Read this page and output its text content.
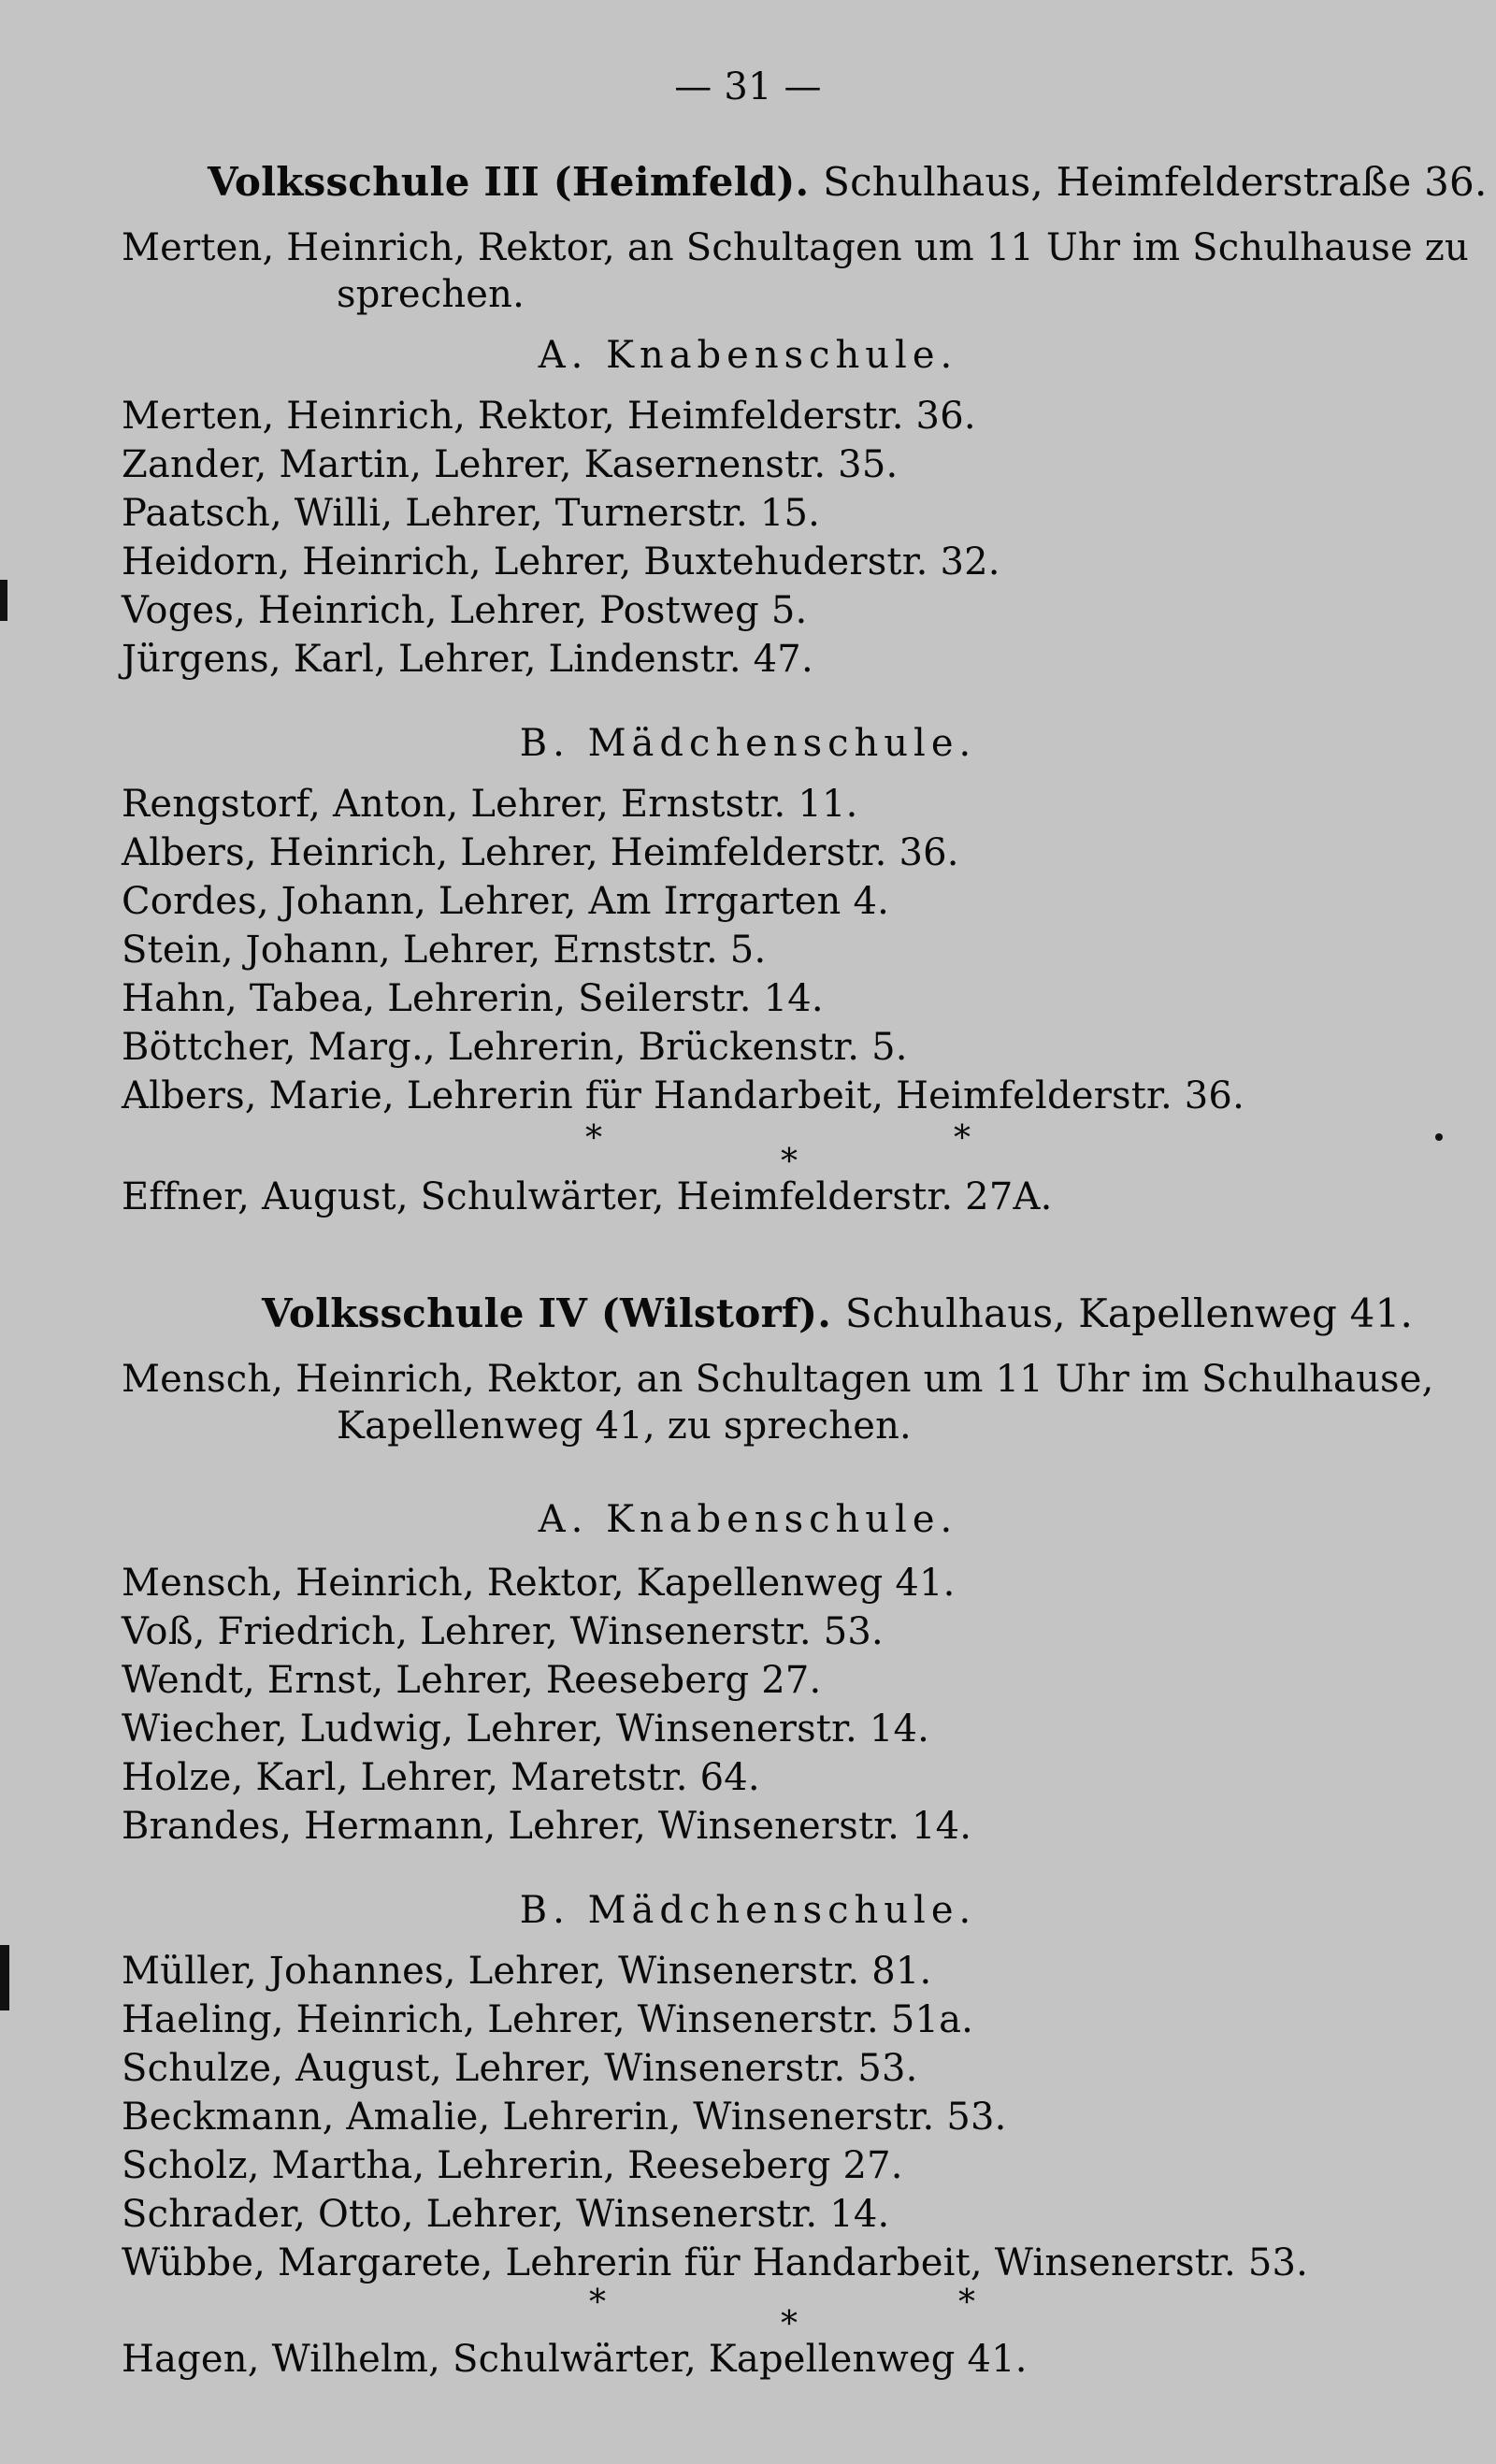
— 31 —
Volksschule III (Heimfeld). Schulhaus, Heimfelderstraße 36.
Merten, Heinrich, Rektor, an Schultagen um 11 Uhr im Schulhause zu
sprechen.
A. Knabenschule.
Merten, Heinrich, Rektor, Heimfelderstr. 36.
Zander, Martin, Lehrer, Kasernenstr. 35.
Paatsch, Willi, Lehrer, Turnerstr. 15.
Heidorn, Heinrich, Lehrer, Buxtehuderstr. 32.
Voges, Heinrich, Lehrer, Postweg 5.
Jürgens, Karl, Lehrer, Lindenstr. 47.
B. Mädchenschule.
Rengstorf, Anton, Lehrer, Ernststr. 11.
Albers, Heinrich, Lehrer, Heimfelderstr. 36.
Cordes, Johann, Lehrer, Am Irrgarten 4.
Stein, Johann, Lehrer, Ernststr. 5.
Hahn, Tabea, Lehrerin, Seilerstr. 14.
Böttcher, Marg., Lehrerin, Brückenstr. 5.
Albers, Marie, Lehrerin für Handarbeit, Heimfelderstr. 36.
*
*
*
Effner, August, Schulwärter, Heimfelderstr. 27A.
Volksschule IV (Wilstorf). Schulhaus, Kapellenweg 41.
Mensch, Heinrich, Rektor, an Schultagen um 11 Uhr im Schulhause,
Kapellenweg 41, zu sprechen.
A. Knabenschule.
Mensch, Heinrich, Rektor, Kapellenweg 41.
Voß, Friedrich, Lehrer, Winsenerstr. 53.
Wendt, Ernst, Lehrer, Reeseberg 27.
Wiecher, Ludwig, Lehrer, Winsenerstr. 14.
Holze, Karl, Lehrer, Maretstr. 64.
Brandes, Hermann, Lehrer, Winsenerstr. 14.
B. Mädchenschule.
Müller, Johannes, Lehrer, Winsenerstr. 81.
Haeling, Heinrich, Lehrer, Winsenerstr. 51a.
Schulze, August, Lehrer, Winsenerstr. 53.
Beckmann, Amalie, Lehrerin, Winsenerstr. 53.
Scholz, Martha, Lehrerin, Reeseberg 27.
Schrader, Otto, Lehrer, Winsenerstr. 14.
Wübbe, Margarete, Lehrerin für Handarbeit, Winsenerstr. 53.
*
*
*
Hagen, Wilhelm, Schulwärter, Kapellenweg 41.
